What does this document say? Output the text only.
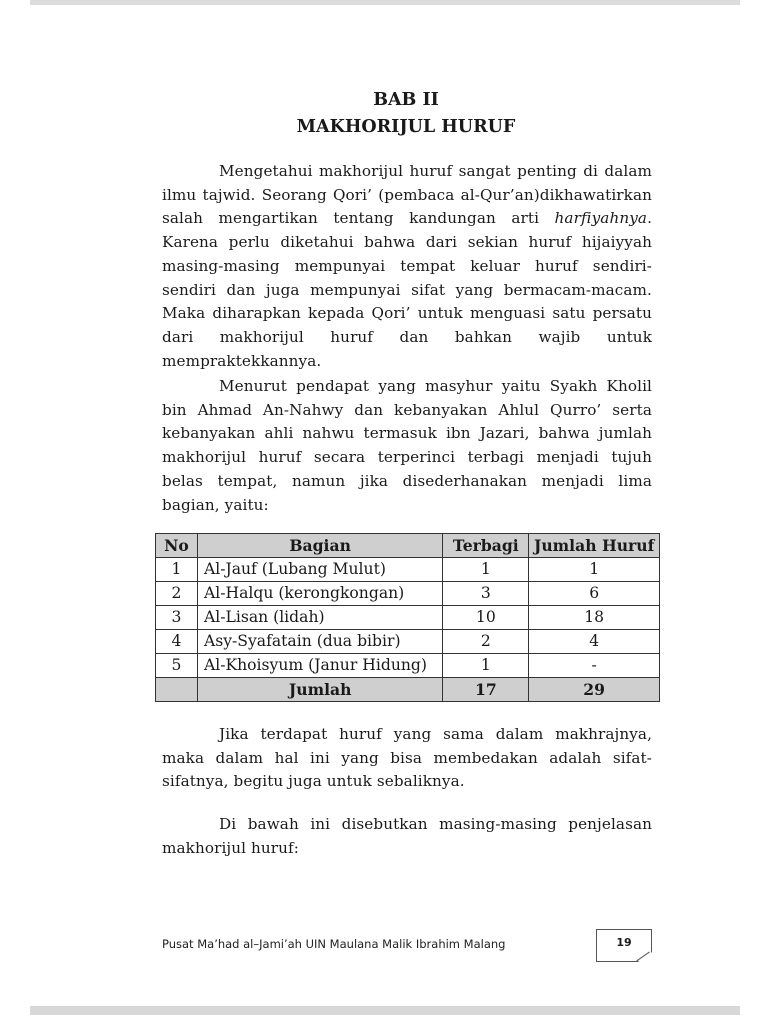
BAB II
MAKHORIJUL HURUF

Mengetahui makhorijul huruf sangat penting di dalam ilmu tajwid. Seorang Qori’ (pembaca al-Qur’an)dikhawatirkan salah mengartikan tentang kandungan arti harfiyahnya. Karena perlu diketahui bahwa dari sekian huruf hijaiyyah masing-masing mempunyai tempat keluar huruf sendiri-sendiri dan juga mempunyai sifat yang bermacam-macam. Maka diharapkan kepada Qori’ untuk menguasi satu persatu dari makhorijul huruf dan bahkan wajib untuk mempraktekkannya.

Menurut pendapat yang masyhur yaitu Syakh Kholil bin Ahmad An-Nahwy dan kebanyakan Ahlul Qurro’ serta kebanyakan ahli nahwu termasuk ibn Jazari, bahwa jumlah makhorijul huruf secara terperinci terbagi menjadi tujuh belas tempat, namun jika disederhanakan menjadi lima bagian, yaitu:

No	Bagian	Terbagi	Jumlah Huruf
1	Al-Jauf (Lubang Mulut)	1	1
2	Al-Halqu (kerongkongan)	3	6
3	Al-Lisan (lidah)	10	18
4	Asy-Syafatain (dua bibir)	2	4
5	Al-Khoisyum (Janur Hidung)	1	-
	Jumlah	17	29

Jika terdapat huruf yang sama dalam makhrajnya, maka dalam hal ini yang bisa membedakan adalah sifat-sifatnya, begitu juga untuk sebaliknya.

Di bawah ini disebutkan masing-masing penjelasan makhorijul huruf:

Pusat Ma’had al–Jami’ah UIN Maulana Malik Ibrahim Malang	19
